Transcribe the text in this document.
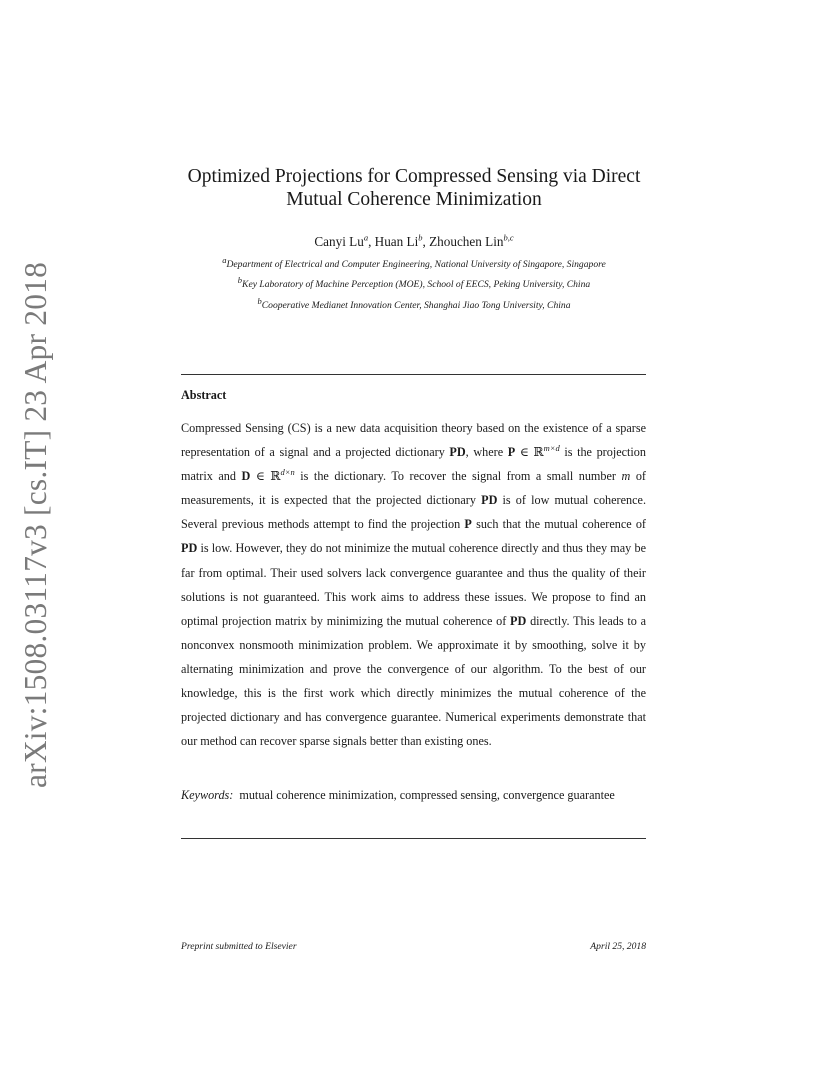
arXiv:1508.03117v3 [cs.IT] 23 Apr 2018
Optimized Projections for Compressed Sensing via Direct
Mutual Coherence Minimization
Canyi Lu$^a$, Huan Li$^b$, Zhouchen Lin$^{b,c}$
$^a$Department of Electrical and Computer Engineering, National University of Singapore, Singapore
$^b$Key Laboratory of Machine Perception (MOE), School of EECS, Peking University, China
$^b$Cooperative Medianet Innovation Center, Shanghai Jiao Tong University, China
Abstract

Compressed Sensing (CS) is a new data acquisition theory based on the existence of a sparse representation of a signal and a projected dictionary PD, where P ∈ ℝ$^{m\times d}$ is the projection matrix and D ∈ ℝ$^{d\times n}$ is the dictionary. To recover the signal from a small number m of measurements, it is expected that the projected dictionary PD is of low mutual coherence. Several previous methods attempt to find the projection P such that the mutual coherence of PD is low. However, they do not minimize the mutual coherence directly and thus they may be far from optimal. Their used solvers lack convergence guarantee and thus the quality of their solutions is not guaranteed. This work aims to address these issues. We propose to find an optimal projection matrix by minimizing the mutual coherence of PD directly. This leads to a nonconvex nonsmooth minimization problem. We approximate it by smoothing, solve it by alternating minimization and prove the convergence of our algorithm. To the best of our knowledge, this is the first work which directly minimizes the mutual coherence of the projected dictionary and has convergence guarantee. Numerical experiments demonstrate that our method can recover sparse signals better than existing ones.

Keywords: mutual coherence minimization, compressed sensing, convergence guarantee

Preprint submitted to Elsevier	April 25, 2018
